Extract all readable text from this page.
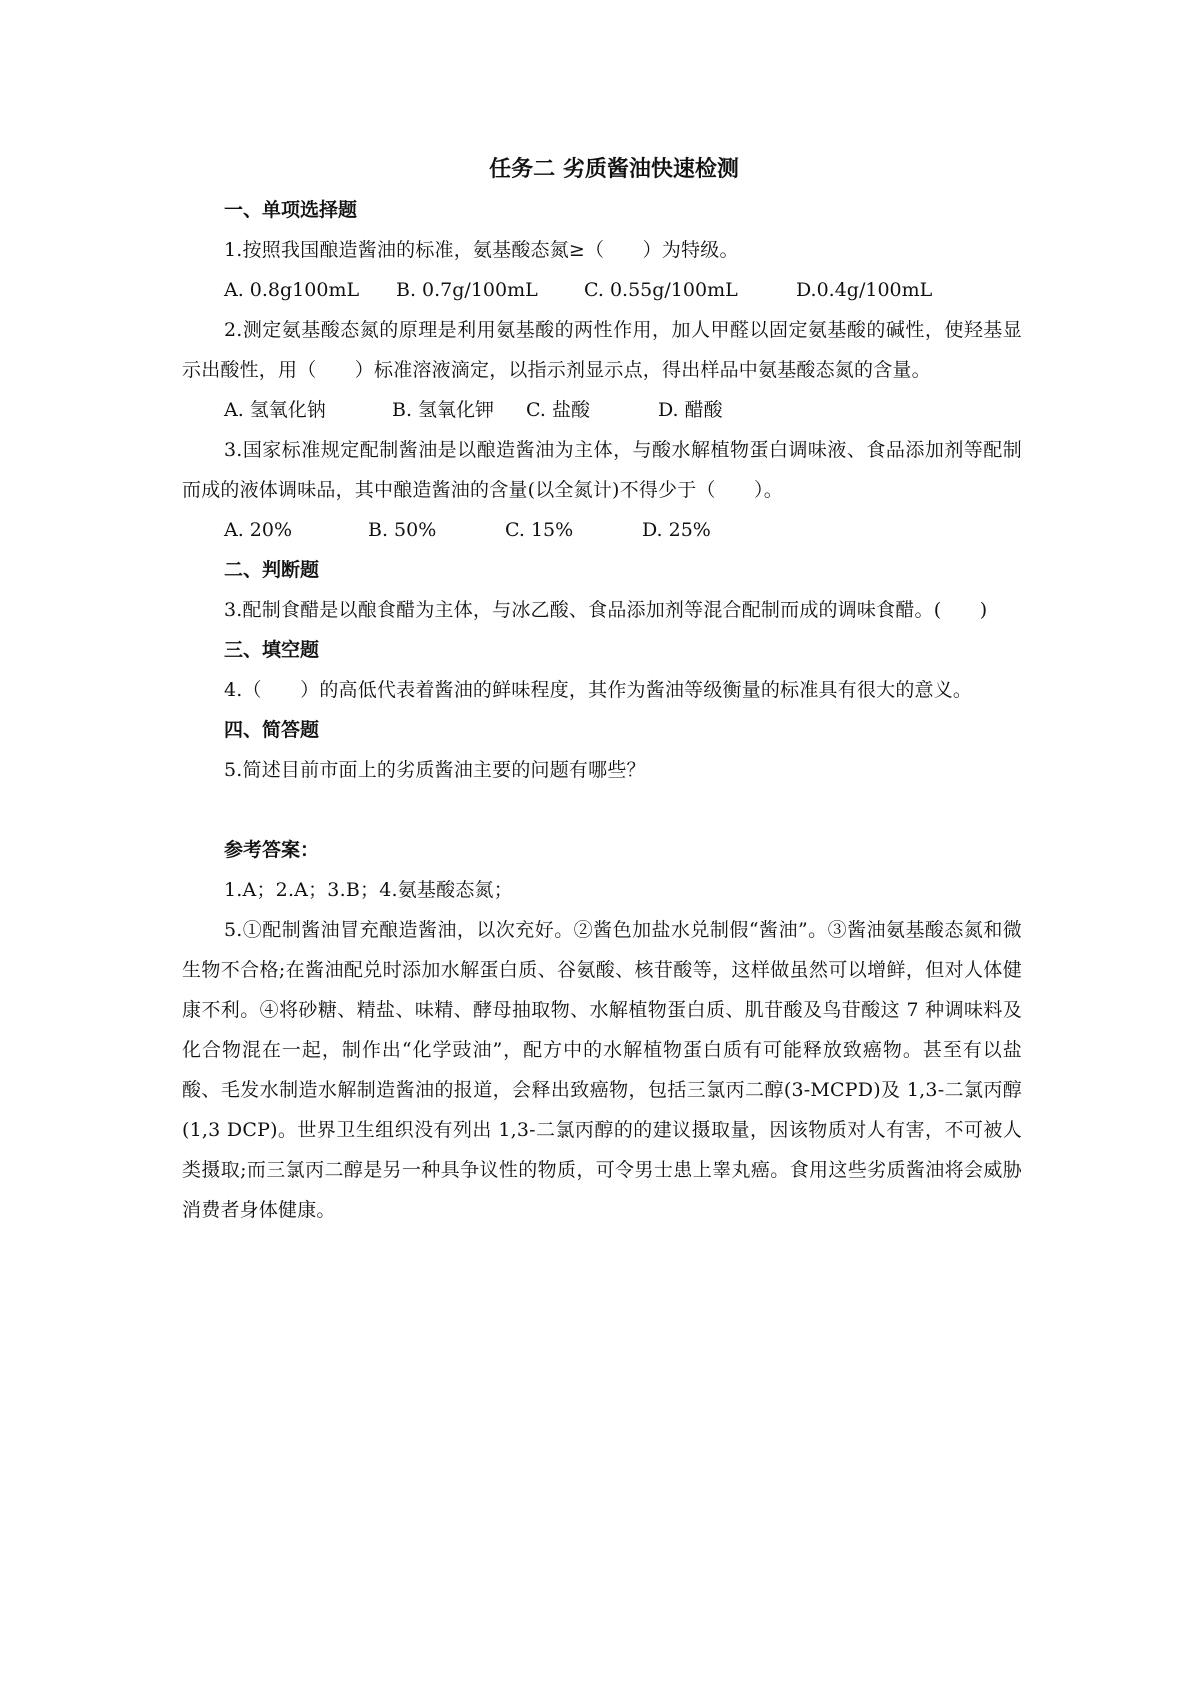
任务二 劣质酱油快速检测
一、单项选择题

1.按照我国酿造酱油的标准，氨基酸态氮≥（　　）为特级。

A. 0.8g100mL B. 0.7g/100mL C. 0.55g/100mL	D.0.4g/100mL

2.测定氨基酸态氮的原理是利用氨基酸的两性作用，加人甲醛以固定氨基酸的碱性，使羟基显示出酸性，用（　　）标准溶液滴定，以指示剂显示点，得出样品中氨基酸态氮的含量。

A. 氢氧化钠	B. 氢氧化钾 C. 盐酸	D. 醋酸

3.国家标准规定配制酱油是以酿造酱油为主体，与酸水解植物蛋白调味液、食品添加剂等配制而成的液体调味品，其中酿造酱油的含量(以全氮计)不得少于（　　）。

A. 20%	B. 50%	C. 15%	D. 25%
二、判断题

3.配制食醋是以酿食醋为主体，与冰乙酸、食品添加剂等混合配制而成的调味食醋。(　　)

三、填空题

4.（　　）的高低代表着酱油的鲜味程度，其作为酱油等级衡量的标准具有很大的意义。

四、简答题

5.简述目前市面上的劣质酱油主要的问题有哪些？

参考答案：

1.A；2.A；3.B；4.氨基酸态氮；

5.①配制酱油冒充酿造酱油，以次充好。②酱色加盐水兑制假“酱油”。③酱油氨基酸态氮和微生物不合格;在酱油配兑时添加水解蛋白质、谷氨酸、核苷酸等，这样做虽然可以增鲜，但对人体健康不利。④将砂糖、精盐、味精、酵母抽取物、水解植物蛋白质、肌苷酸及鸟苷酸这 7 种调味料及化合物混在一起，制作出“化学豉油”，配方中的水解植物蛋白质有可能释放致癌物。甚至有以盐酸、毛发水制造水解制造酱油的报道，会释出致癌物，包括三氯丙二醇(3-MCPD)及 1,3-二氯丙醇(1,3 DCP)。世界卫生组织没有列出 1,3-二氯丙醇的的建议摄取量，因该物质对人有害，不可被人类摄取;而三氯丙二醇是另一种具争议性的物质，可令男士患上睾丸癌。食用这些劣质酱油将会威胁消费者身体健康。
